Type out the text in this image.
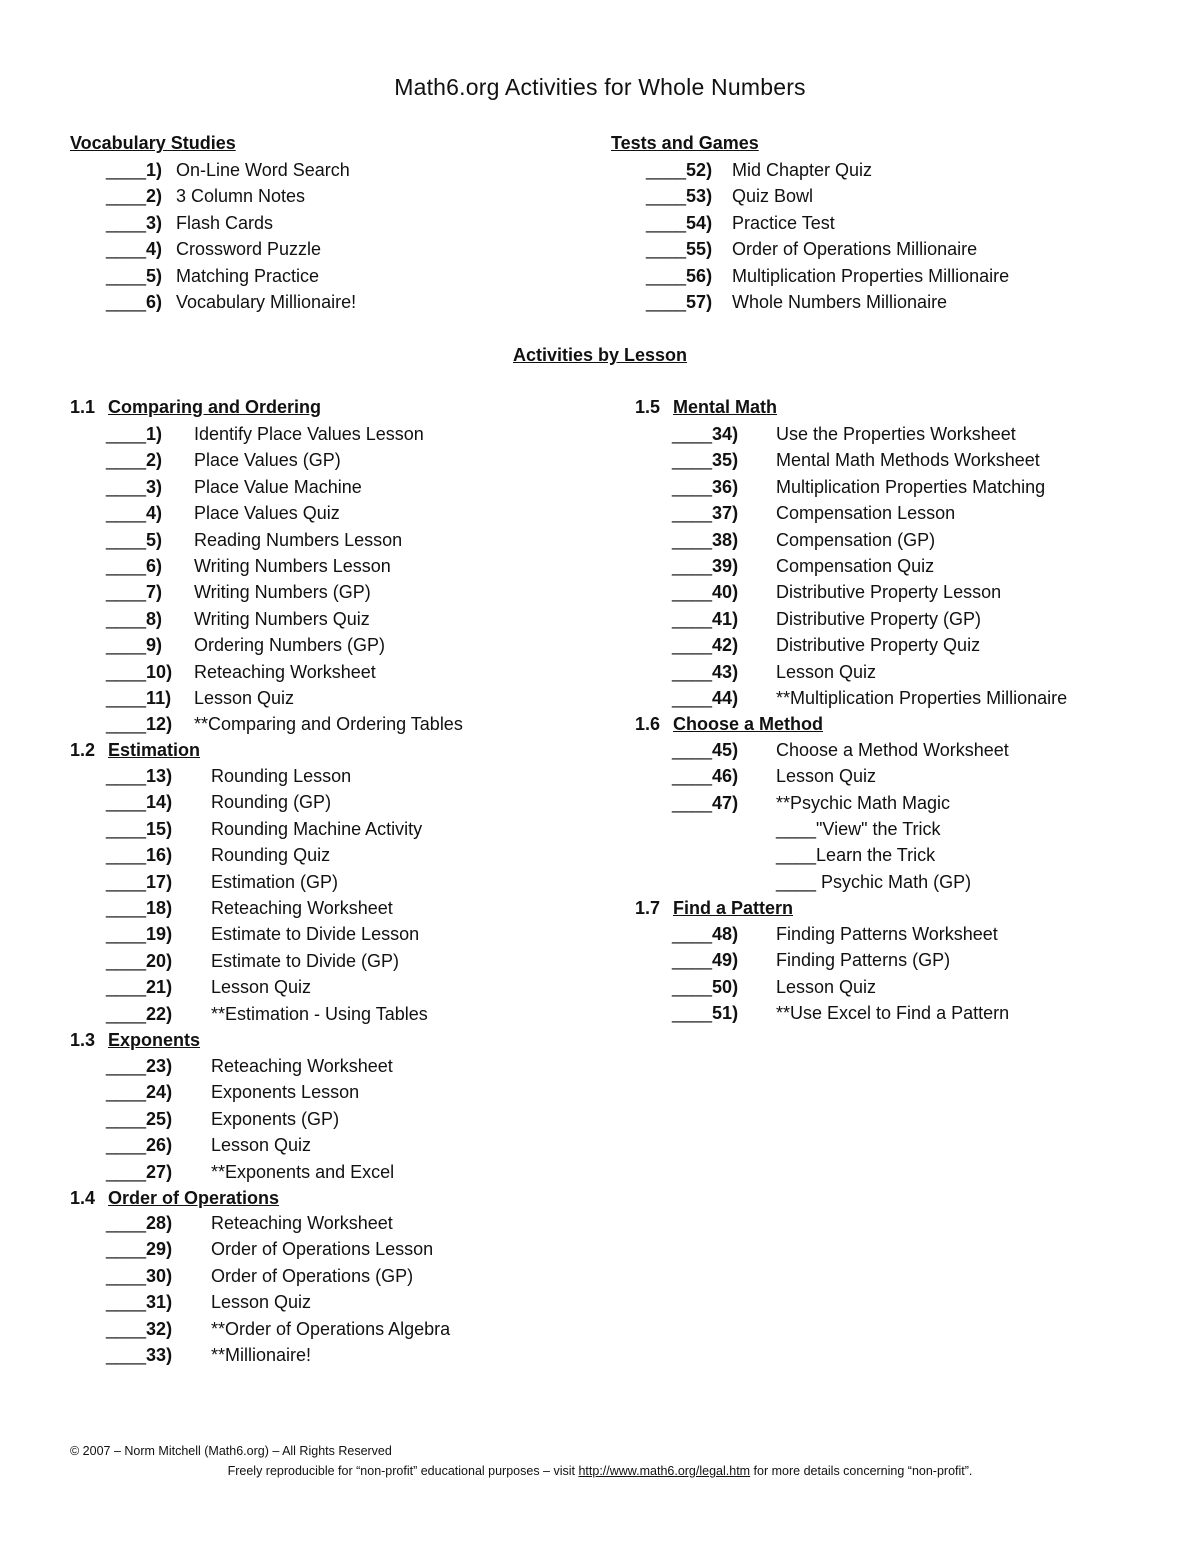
Math6.org Activities for Whole Numbers
Vocabulary Studies
____1) On-Line Word Search
____2) 3 Column Notes
____3) Flash Cards
____4) Crossword Puzzle
____5) Matching Practice
____6) Vocabulary Millionaire!
Tests and Games
____52) Mid Chapter Quiz
____53) Quiz Bowl
____54) Practice Test
____55) Order of Operations Millionaire
____56) Multiplication Properties Millionaire
____57) Whole Numbers Millionaire
Activities by Lesson
1.1 Comparing and Ordering
____1) Identify Place Values Lesson
____2) Place Values (GP)
____3) Place Value Machine
____4) Place Values Quiz
____5) Reading Numbers Lesson
____6) Writing Numbers Lesson
____7) Writing Numbers (GP)
____8) Writing Numbers Quiz
____9) Ordering Numbers (GP)
____10) Reteaching Worksheet
____11) Lesson Quiz
____12) **Comparing and Ordering Tables
1.2 Estimation
____13) Rounding Lesson
____14) Rounding (GP)
____15) Rounding Machine Activity
____16) Rounding Quiz
____17) Estimation (GP)
____18) Reteaching Worksheet
____19) Estimate to Divide Lesson
____20) Estimate to Divide (GP)
____21) Lesson Quiz
____22) **Estimation - Using Tables
1.3 Exponents
____23) Reteaching Worksheet
____24) Exponents Lesson
____25) Exponents (GP)
____26) Lesson Quiz
____27) **Exponents and Excel
1.4 Order of Operations
____28) Reteaching Worksheet
____29) Order of Operations Lesson
____30) Order of Operations (GP)
____31) Lesson Quiz
____32) **Order of Operations Algebra
____33) **Millionaire!
1.5 Mental Math
____34) Use the Properties Worksheet
____35) Mental Math Methods Worksheet
____36) Multiplication Properties Matching
____37) Compensation Lesson
____38) Compensation (GP)
____39) Compensation Quiz
____40) Distributive Property Lesson
____41) Distributive Property (GP)
____42) Distributive Property Quiz
____43) Lesson Quiz
____44) **Multiplication Properties Millionaire
1.6 Choose a Method
____45) Choose a Method Worksheet
____46) Lesson Quiz
____47) **Psychic Math Magic
____"View" the Trick
____Learn the Trick
____ Psychic Math (GP)
1.7 Find a Pattern
____48) Finding Patterns Worksheet
____49) Finding Patterns (GP)
____50) Lesson Quiz
____51) **Use Excel to Find a Pattern
© 2007 – Norm Mitchell (Math6.org) – All Rights Reserved
Freely reproducible for “non-profit” educational purposes – visit http://www.math6.org/legal.htm for more details concerning “non-profit”.
